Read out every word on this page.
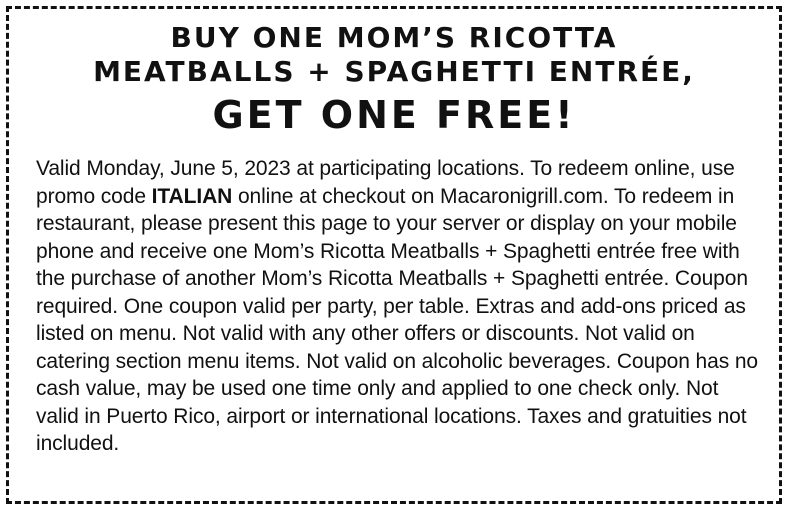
BUY ONE MOM’S RICOTTA
MEATBALLS + SPAGHETTI ENTRÉE,
GET ONE FREE!
Valid Monday, June 5, 2023 at participating locations. To redeem online, use promo code ITALIAN online at checkout on Macaronigrill.com. To redeem in restaurant, please present this page to your server or display on your mobile phone and receive one Mom’s Ricotta Meatballs + Spaghetti entrée free with the purchase of another Mom’s Ricotta Meatballs + Spaghetti entrée. Coupon required. One coupon valid per party, per table. Extras and add-ons priced as listed on menu. Not valid with any other offers or discounts. Not valid on catering section menu items. Not valid on alcoholic beverages. Coupon has no cash value, may be used one time only and applied to one check only. Not valid in Puerto Rico, airport or international locations. Taxes and gratuities not included.
